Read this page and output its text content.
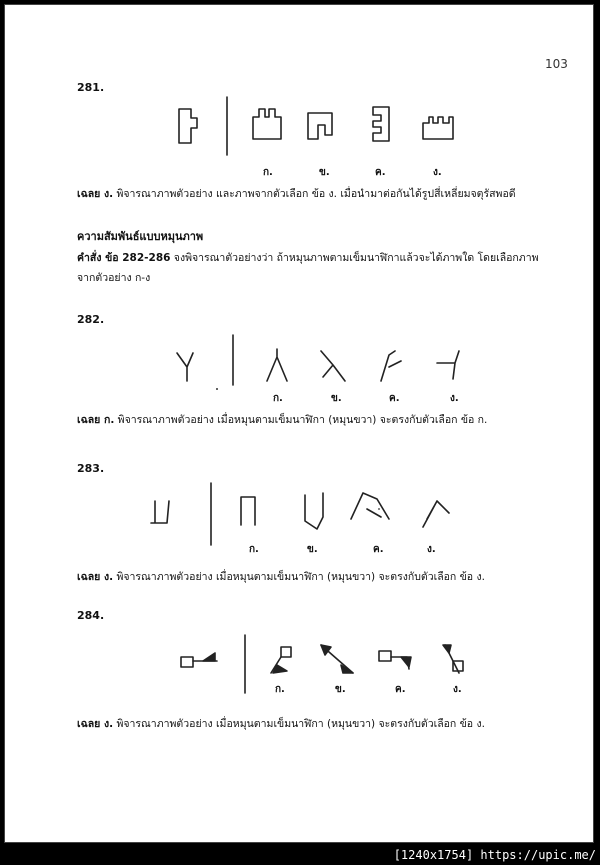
103
281.
ก.	ข.	ค.	ง.
เฉลย ง. พิจารณาภาพตัวอย่าง และภาพจากตัวเลือก ข้อ ง. เมื่อนำมาต่อกันได้รูปสี่เหลี่ยมจตุรัสพอดี
ความสัมพันธ์แบบหมุนภาพ
คำสั่ง ข้อ 282-286 จงพิจารณาตัวอย่างว่า ถ้าหมุนภาพตามเข็มนาฬิกาแล้วจะได้ภาพใด โดยเลือกภาพจากตัวอย่าง ก-ง
282.
ก.	ข.	ค.	ง.
เฉลย ก. พิจารณาภาพตัวอย่าง เมื่อหมุนตามเข็มนาฬิกา (หมุนขวา) จะตรงกับตัวเลือก ข้อ ก.
283.
ก.	ข.	ค.	ง.
เฉลย ง. พิจารณาภาพตัวอย่าง เมื่อหมุนตามเข็มนาฬิกา (หมุนขวา) จะตรงกับตัวเลือก ข้อ ง.
284.
ก.	ข.	ค.	ง.
เฉลย ง. พิจารณาภาพตัวอย่าง เมื่อหมุนตามเข็มนาฬิกา (หมุนขวา) จะตรงกับตัวเลือก ข้อ ง.
[1240x1754] https://upic.me/
